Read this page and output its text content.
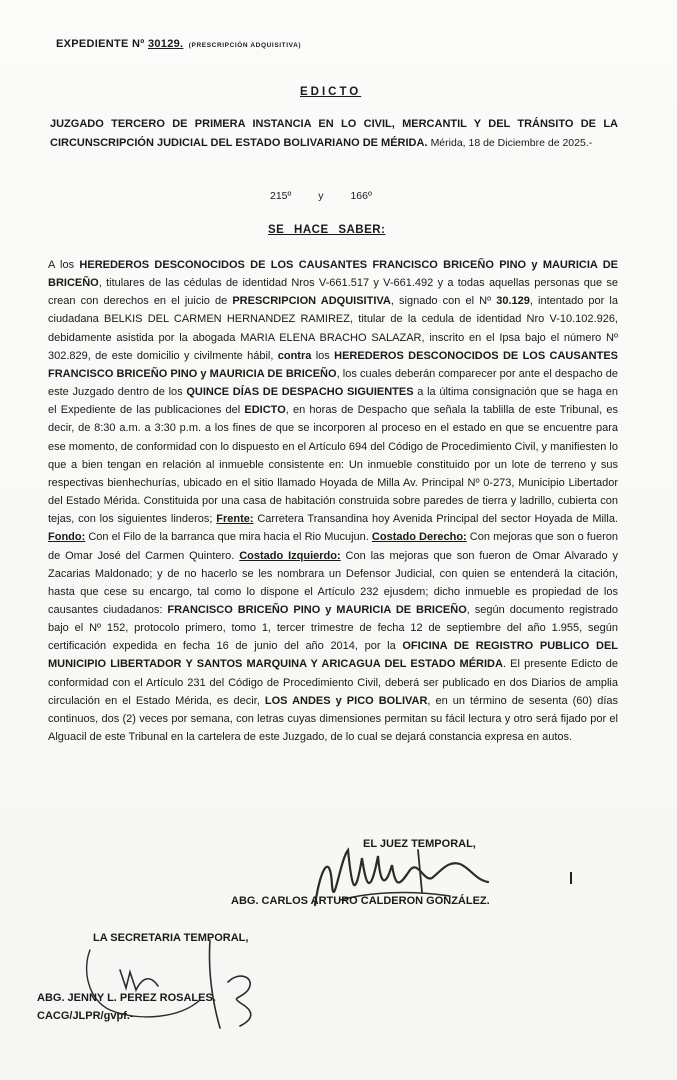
EXPEDIENTE Nº 30129. (PRESCRIPCIÓN ADQUISITIVA)
EDICTO
JUZGADO TERCERO DE PRIMERA INSTANCIA EN LO CIVIL, MERCANTIL Y DEL TRÁNSITO DE LA CIRCUNSCRIPCIÓN JUDICIAL DEL ESTADO BOLIVARIANO DE MÉRIDA. Mérida, 18 de Diciembre de 2025.-
215º	y	166º
SE HACE SABER:
A los HEREDEROS DESCONOCIDOS DE LOS CAUSANTES FRANCISCO BRICEÑO PINO y MAURICIA DE BRICEÑO, titulares de las cédulas de identidad Nros V-661.517 y V-661.492 y a todas aquellas personas que se crean con derechos en el juicio de PRESCRIPCION ADQUISITIVA, signado con el Nº 30.129, intentado por la ciudadana BELKIS DEL CARMEN HERNANDEZ RAMIREZ, titular de la cedula de identidad Nro V-10.102.926, debidamente asistida por la abogada MARIA ELENA BRACHO SALAZAR, inscrito en el Ipsa bajo el número Nº 302.829, de este domicilio y civilmente hábil, contra los HEREDEROS DESCONOCIDOS DE LOS CAUSANTES FRANCISCO BRICEÑO PINO y MAURICIA DE BRICEÑO, los cuales deberán comparecer por ante el despacho de este Juzgado dentro de los QUINCE DÍAS DE DESPACHO SIGUIENTES a la última consignación que se haga en el Expediente de las publicaciones del EDICTO, en horas de Despacho que señala la tablilla de este Tribunal, es decir, de 8:30 a.m. a 3:30 p.m. a los fines de que se incorporen al proceso en el estado en que se encuentre para ese momento, de conformidad con lo dispuesto en el Artículo 694 del Código de Procedimiento Civil, y manifiesten lo que a bien tengan en relación al inmueble consistente en: Un inmueble constituido por un lote de terreno y sus respectivas bienhechurías, ubicado en el sitio llamado Hoyada de Milla Av. Principal Nº 0-273, Municipio Libertador del Estado Mérida. Constituida por una casa de habitación construida sobre paredes de tierra y ladrillo, cubierta con tejas, con los siguientes linderos; Frente: Carretera Transandina hoy Avenida Principal del sector Hoyada de Milla. Fondo: Con el Filo de la barranca que mira hacia el Rio Mucujun. Costado Derecho: Con mejoras que son o fueron de Omar José del Carmen Quintero. Costado Izquierdo: Con las mejoras que son fueron de Omar Alvarado y Zacarias Maldonado; y de no hacerlo se les nombrara un Defensor Judicial, con quien se entenderá la citación, hasta que cese su encargo, tal como lo dispone el Artículo 232 ejusdem; dicho inmueble es propiedad de los causantes ciudadanos: FRANCISCO BRICEÑO PINO y MAURICIA DE BRICEÑO, según documento registrado bajo el Nº 152, protocolo primero, tomo 1, tercer trimestre de fecha 12 de septiembre del año 1.955, según certificación expedida en fecha 16 de junio del año 2014, por la OFICINA DE REGISTRO PUBLICO DEL MUNICIPIO LIBERTADOR Y SANTOS MARQUINA Y ARICAGUA DEL ESTADO MÉRIDA. El presente Edicto de conformidad con el Artículo 231 del Código de Procedimiento Civil, deberá ser publicado en dos Diarios de amplia circulación en el Estado Mérida, es decir, LOS ANDES y PICO BOLIVAR, en un término de sesenta (60) días continuos, dos (2) veces por semana, con letras cuyas dimensiones permitan su fácil lectura y otro será fijado por el Alguacil de este Tribunal en la cartelera de este Juzgado, de lo cual se dejará constancia expresa en autos.
EL JUEZ TEMPORAL,
ABG. CARLOS ARTURO CALDERON GONZÁLEZ.
LA SECRETARIA TEMPORAL,
ABG. JENNY L. PEREZ ROSALES.
CACG/JLPR/gvpf.-
